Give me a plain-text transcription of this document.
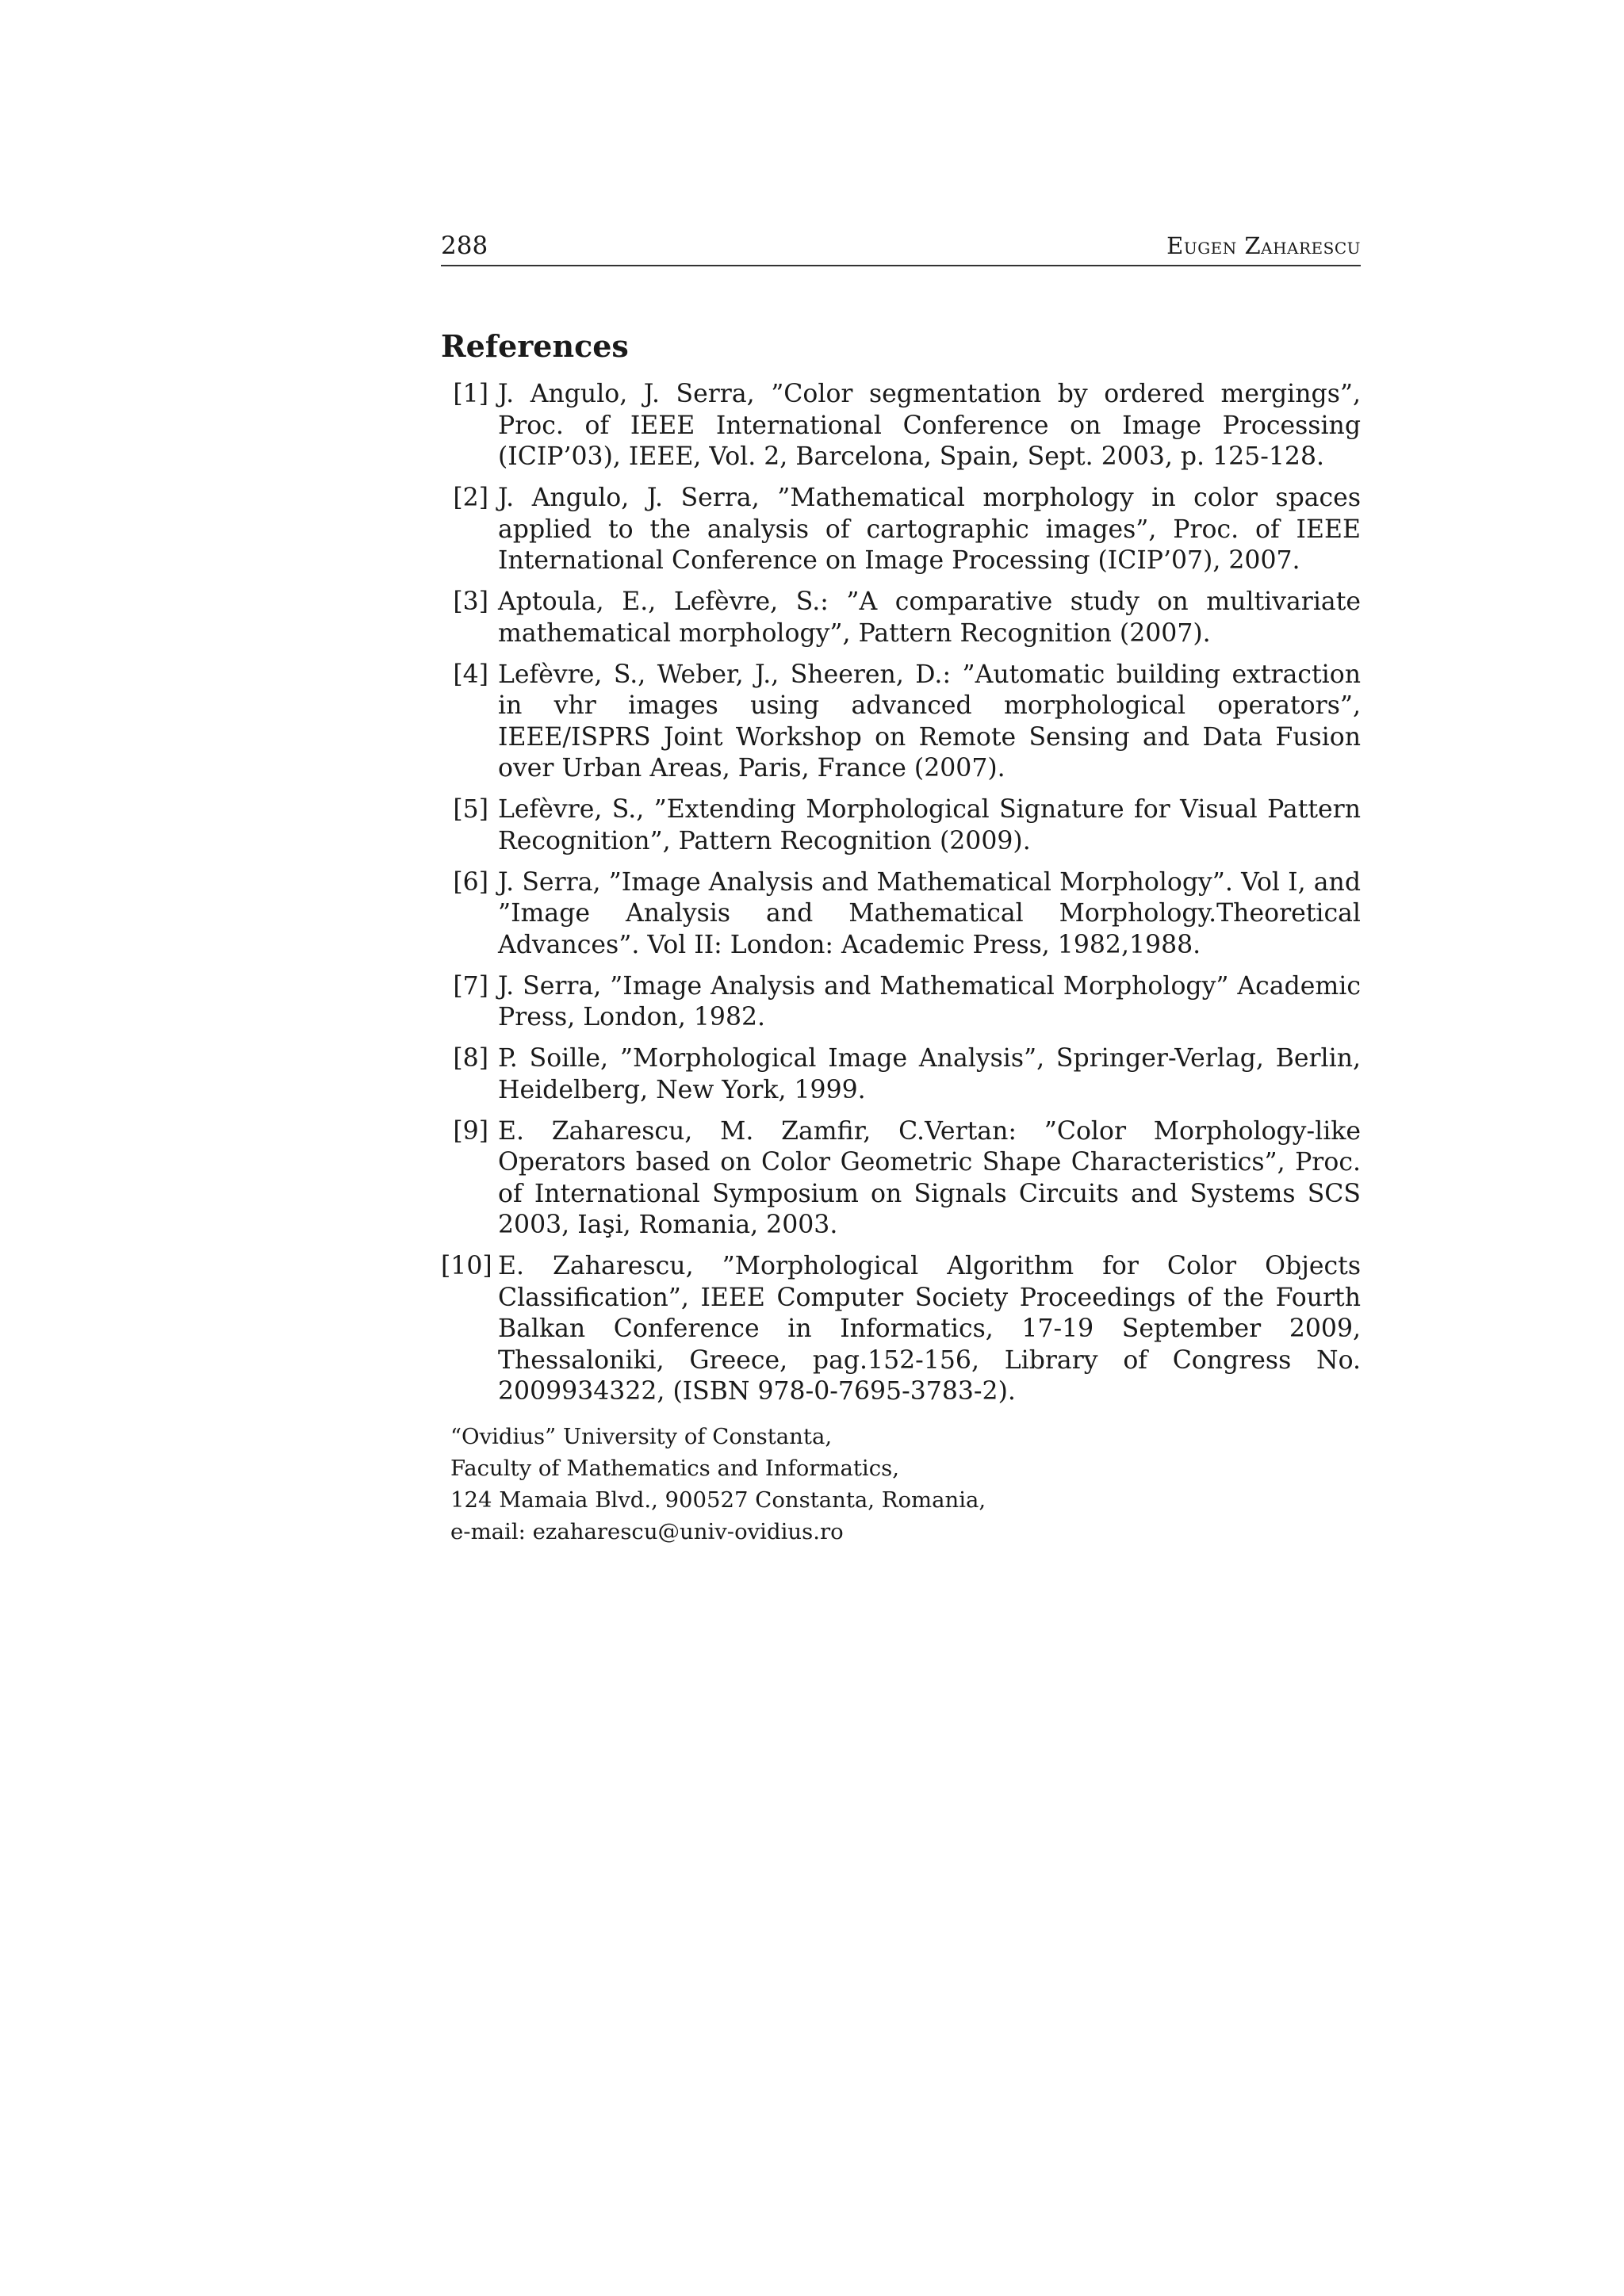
288	Eugen Zaharescu
References
[1] J. Angulo, J. Serra, ”Color segmentation by ordered mergings”, Proc. of IEEE International Conference on Image Processing (ICIP’03), IEEE, Vol. 2, Barcelona, Spain, Sept. 2003, p. 125-128.
[2] J. Angulo, J. Serra, ”Mathematical morphology in color spaces applied to the analysis of cartographic images”, Proc. of IEEE International Conference on Image Processing (ICIP’07), 2007.
[3] Aptoula, E., Lefèvre, S.: ”A comparative study on multivariate mathematical morphology”, Pattern Recognition (2007).
[4] Lefèvre, S., Weber, J., Sheeren, D.: ”Automatic building extraction in vhr images using advanced morphological operators”, IEEE/ISPRS Joint Workshop on Remote Sensing and Data Fusion over Urban Areas, Paris, France (2007).
[5] Lefèvre, S., ”Extending Morphological Signature for Visual Pattern Recognition”, Pattern Recognition (2009).
[6] J. Serra, ”Image Analysis and Mathematical Morphology”. Vol I, and ”Image Analysis and Mathematical Morphology.Theoretical Advances”. Vol II: London: Academic Press, 1982,1988.
[7] J. Serra, ”Image Analysis and Mathematical Morphology” Academic Press, London, 1982.
[8] P. Soille, ”Morphological Image Analysis”, Springer-Verlag, Berlin, Heidelberg, New York, 1999.
[9] E. Zaharescu, M. Zamfir, C.Vertan: ”Color Morphology-like Operators based on Color Geometric Shape Characteristics”, Proc. of International Symposium on Signals Circuits and Systems SCS 2003, Iaşi, Romania, 2003.
[10] E. Zaharescu, ”Morphological Algorithm for Color Objects Classification”, IEEE Computer Society Proceedings of the Fourth Balkan Conference in Informatics, 17-19 September 2009, Thessaloniki, Greece, pag.152-156, Library of Congress No. 2009934322, (ISBN 978-0-7695-3783-2).
“Ovidius” University of Constanta,
Faculty of Mathematics and Informatics,
124 Mamaia Blvd., 900527 Constanta, Romania,
e-mail: ezaharescu@univ-ovidius.ro
